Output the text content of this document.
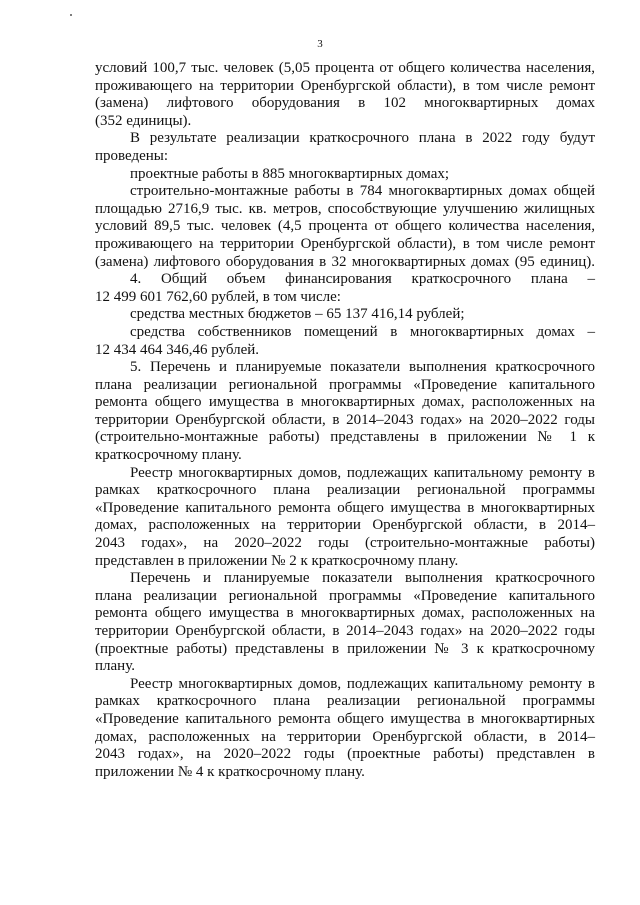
3
условий 100,7 тыс. человек (5,05 процента от общего количества населения,
проживающего на территории Оренбургской области), в том числе ремонт
(замена) лифтового оборудования в 102 многоквартирных домах
(352 единицы).
В результате реализации краткосрочного плана в 2022 году будут
проведены:
проектные работы в 885 многоквартирных домах;
строительно-монтажные работы в 784 многоквартирных домах общей
площадью 2716,9 тыс. кв. метров, способствующие улучшению жилищных
условий 89,5 тыс. человек (4,5 процента от общего количества населения,
проживающего на территории Оренбургской области), в том числе ремонт
(замена) лифтового оборудования в 32 многоквартирных домах (95 единиц).
4. Общий объем финансирования краткосрочного плана –
12 499 601 762,60 рублей, в том числе:
средства местных бюджетов – 65 137 416,14 рублей;
средства собственников помещений в многоквартирных домах –
12 434 464 346,46 рублей.
5. Перечень и планируемые показатели выполнения краткосрочного
плана реализации региональной программы «Проведение капитального
ремонта общего имущества в многоквартирных домах, расположенных на
территории Оренбургской области, в 2014–2043 годах» на 2020–2022 годы
(строительно-монтажные работы) представлены в приложении № 1 к
краткосрочному плану.
Реестр многоквартирных домов, подлежащих капитальному ремонту в
рамках краткосрочного плана реализации региональной программы
«Проведение капитального ремонта общего имущества в многоквартирных
домах, расположенных на территории Оренбургской области, в 2014–
2043 годах», на 2020–2022 годы (строительно-монтажные работы)
представлен в приложении № 2 к краткосрочному плану.
Перечень и планируемые показатели выполнения краткосрочного
плана реализации региональной программы «Проведение капитального
ремонта общего имущества в многоквартирных домах, расположенных на
территории Оренбургской области, в 2014–2043 годах» на 2020–2022 годы
(проектные работы) представлены в приложении № 3 к краткосрочному
плану.
Реестр многоквартирных домов, подлежащих капитальному ремонту в
рамках краткосрочного плана реализации региональной программы
«Проведение капитального ремонта общего имущества в многоквартирных
домах, расположенных на территории Оренбургской области, в 2014–
2043 годах», на 2020–2022 годы (проектные работы) представлен в
приложении № 4 к краткосрочному плану.
